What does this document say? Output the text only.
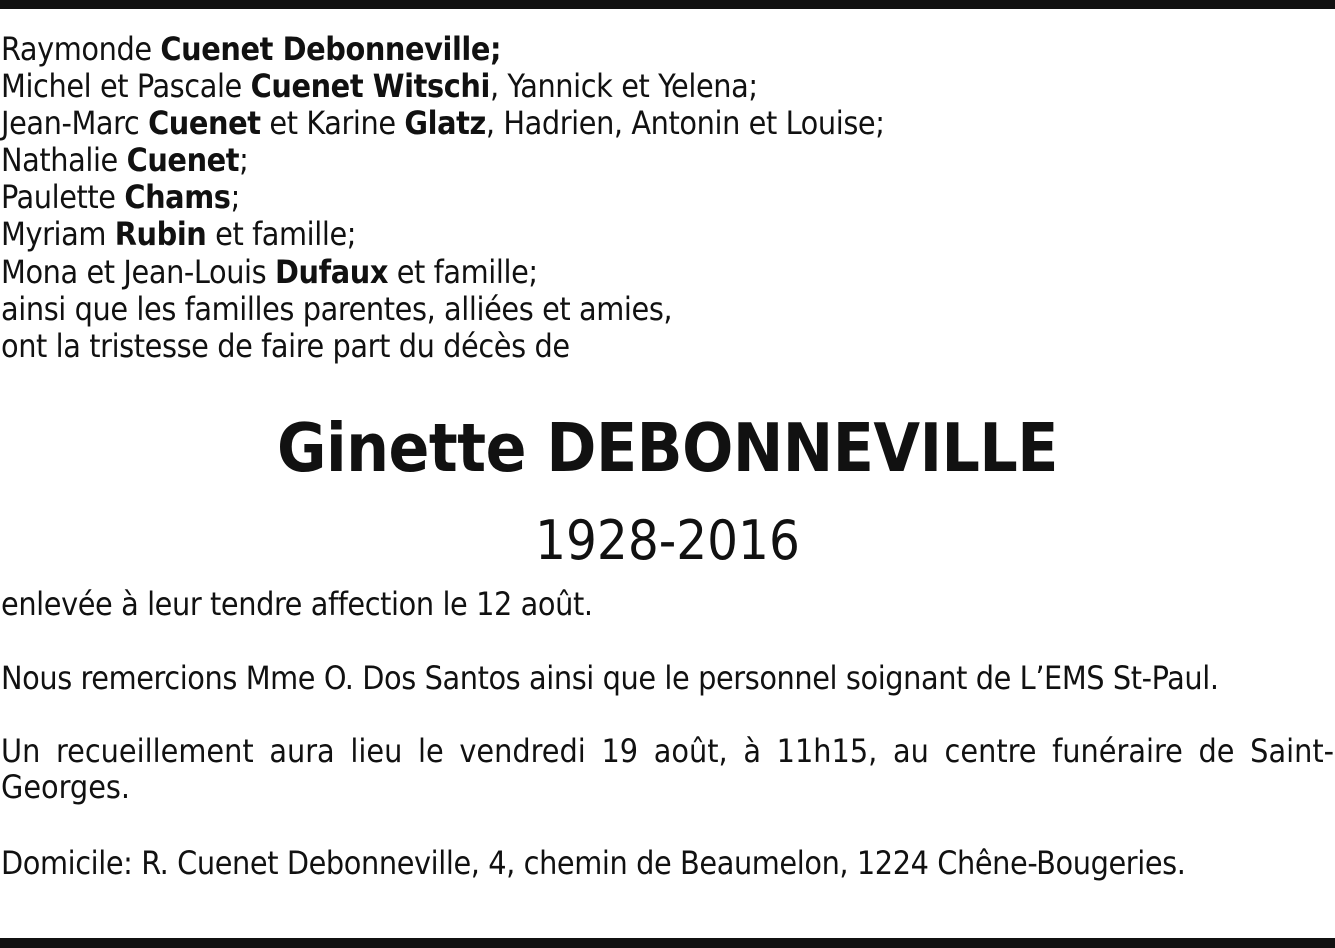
Raymonde Cuenet Debonneville;
Michel et Pascale Cuenet Witschi, Yannick et Yelena;
Jean-Marc Cuenet et Karine Glatz, Hadrien, Antonin et Louise;
Nathalie Cuenet;
Paulette Chams;
Myriam Rubin et famille;
Mona et Jean-Louis Dufaux et famille;
ainsi que les familles parentes, alliées et amies,
ont la tristesse de faire part du décès de
Ginette DEBONNEVILLE
1928-2016
enlevée à leur tendre affection le 12 août.
Nous remercions Mme O. Dos Santos ainsi que le personnel soignant de L’EMS St-Paul.
Un recueillement aura lieu le vendredi 19 août, à 11h15, au centre funéraire de Saint-
Georges.
Domicile: R. Cuenet Debonneville, 4, chemin de Beaumelon, 1224 Chêne-Bougeries.
